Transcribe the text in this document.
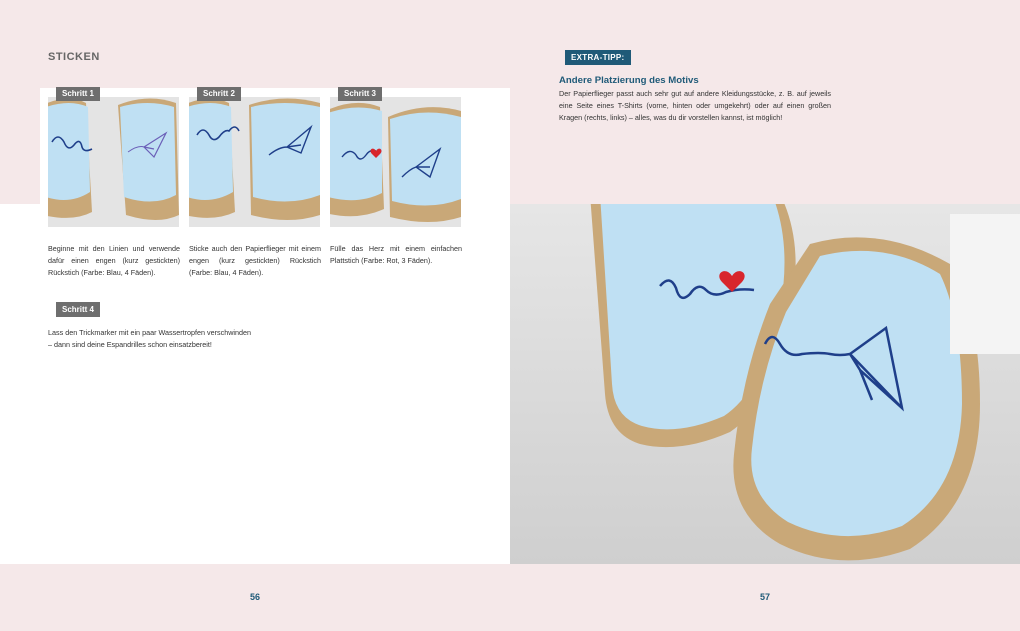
STICKEN
Schritt 1	Schritt 2	Schritt 3
Beginne mit den Linien und verwende dafür einen engen (kurz gestickten) Rückstich (Farbe: Blau, 4 Fäden).
Sticke auch den Papierflieger mit einem engen (kurz gestickten) Rückstich (Farbe: Blau, 4 Fäden).
Fülle das Herz mit einem einfachen Plattstich (Farbe: Rot, 3 Fäden).
Schritt 4
Lass den Trickmarker mit ein paar Wassertropfen verschwinden – dann sind deine Espandrilles schon einsatzbereit!
56
EXTRA-TIPP:
Andere Platzierung des Motivs
Der Papierflieger passt auch sehr gut auf andere Kleidungsstücke, z. B. auf jeweils eine Seite eines T-Shirts (vorne, hinten oder umgekehrt) oder auf einen großen Kragen (rechts, links) – alles, was du dir vorstellen kannst, ist möglich!
57
